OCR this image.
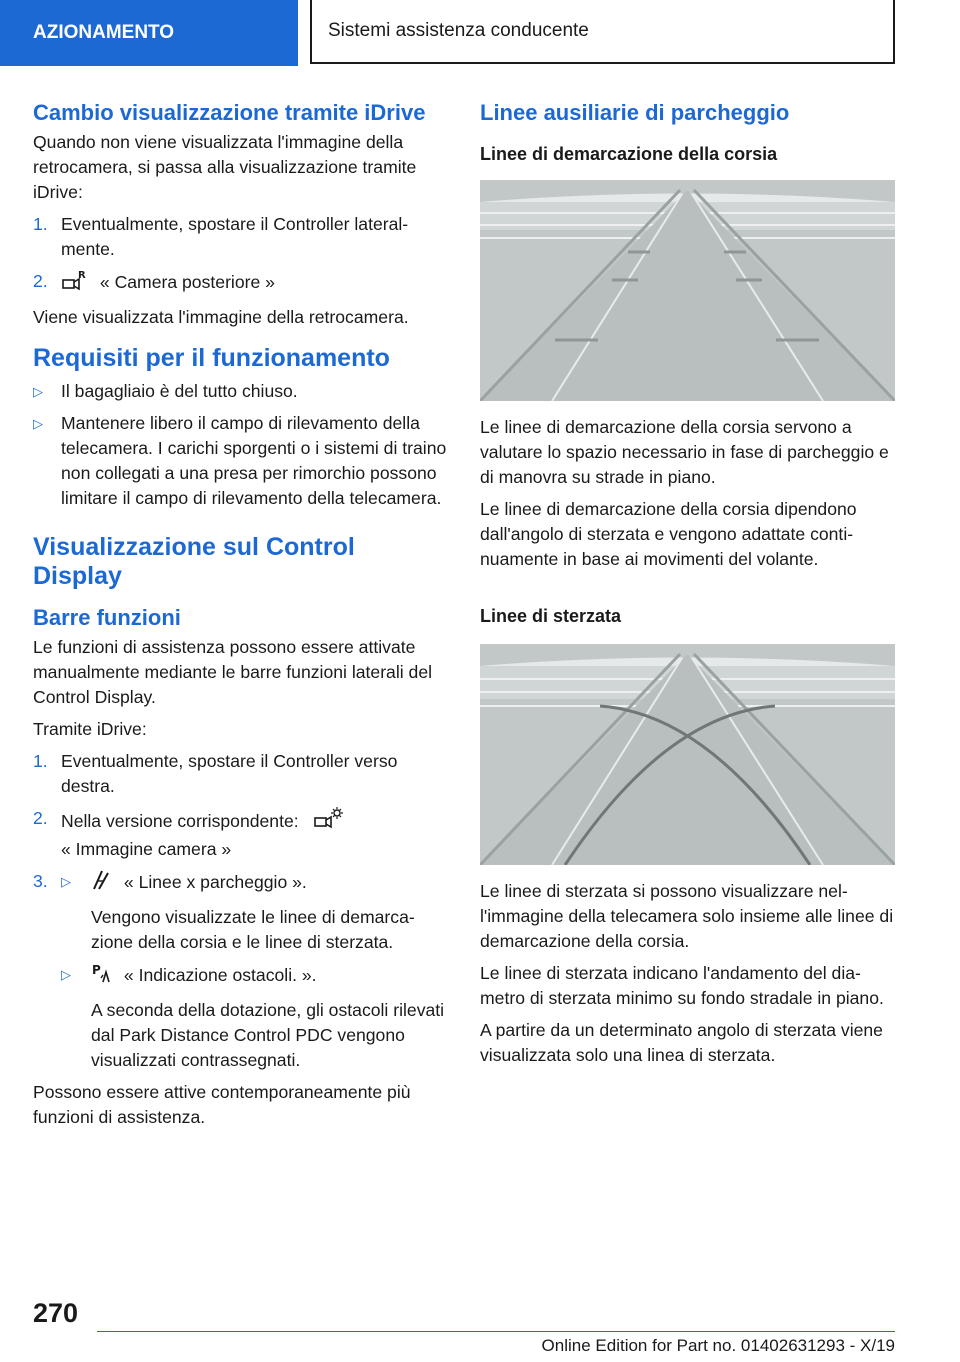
AZIONAMENTO	Sistemi assistenza conducente
Cambio visualizzazione tramite iDrive

Quando non viene visualizzata l'immagine della retrocamera, si passa alla visualizzazione tramite iDrive:

1. Eventualmente, spostare il Controller lateralmente.
2.	R « Camera posteriore »

Viene visualizzata l'immagine della retrocamera.

Requisiti per il funzionamento
▷ Il bagagliaio è del tutto chiuso.
▷ Mantenere libero il campo di rilevamento della telecamera. I carichi sporgenti o i sistemi di traino non collegati a una presa per rimorchio possono limitare il campo di rilevamento della telecamera.
Visualizzazione sul Control Display
Barre funzioni

Le funzioni di assistenza possono essere attivate manualmente mediante le barre funzioni laterali del Control Display.

Tramite iDrive:

1. Eventualmente, spostare il Controller verso destra.
2. Nella versione corrispondente:
« Immagine camera »
3. ▷	« Linee x parcheggio ».

Vengono visualizzate le linee di demarcazione della corsia e le linee di sterzata.

▷ P « Indicazione ostacoli. ».

A seconda della dotazione, gli ostacoli rilevati dal Park Distance Control PDC vengono visualizzati contrassegnati.

Possono essere attive contemporaneamente più funzioni di assistenza.

Linee ausiliarie di parcheggio
Linee di demarcazione della corsia

Le linee di demarcazione della corsia servono a valutare lo spazio necessario in fase di parcheggio e di manovra su strade in piano.

Le linee di demarcazione della corsia dipendono dall'angolo di sterzata e vengono adattate continuamente in base ai movimenti del volante.

Linee di sterzata

Le linee di sterzata si possono visualizzare nell'immagine della telecamera solo insieme alle linee di demarcazione della corsia.

Le linee di sterzata indicano l'andamento del diametro di sterzata minimo su fondo stradale in piano.

A partire da un determinato angolo di sterzata viene visualizzata solo una linea di sterzata.

270
Online Edition for Part no. 01402631293 - X/19
